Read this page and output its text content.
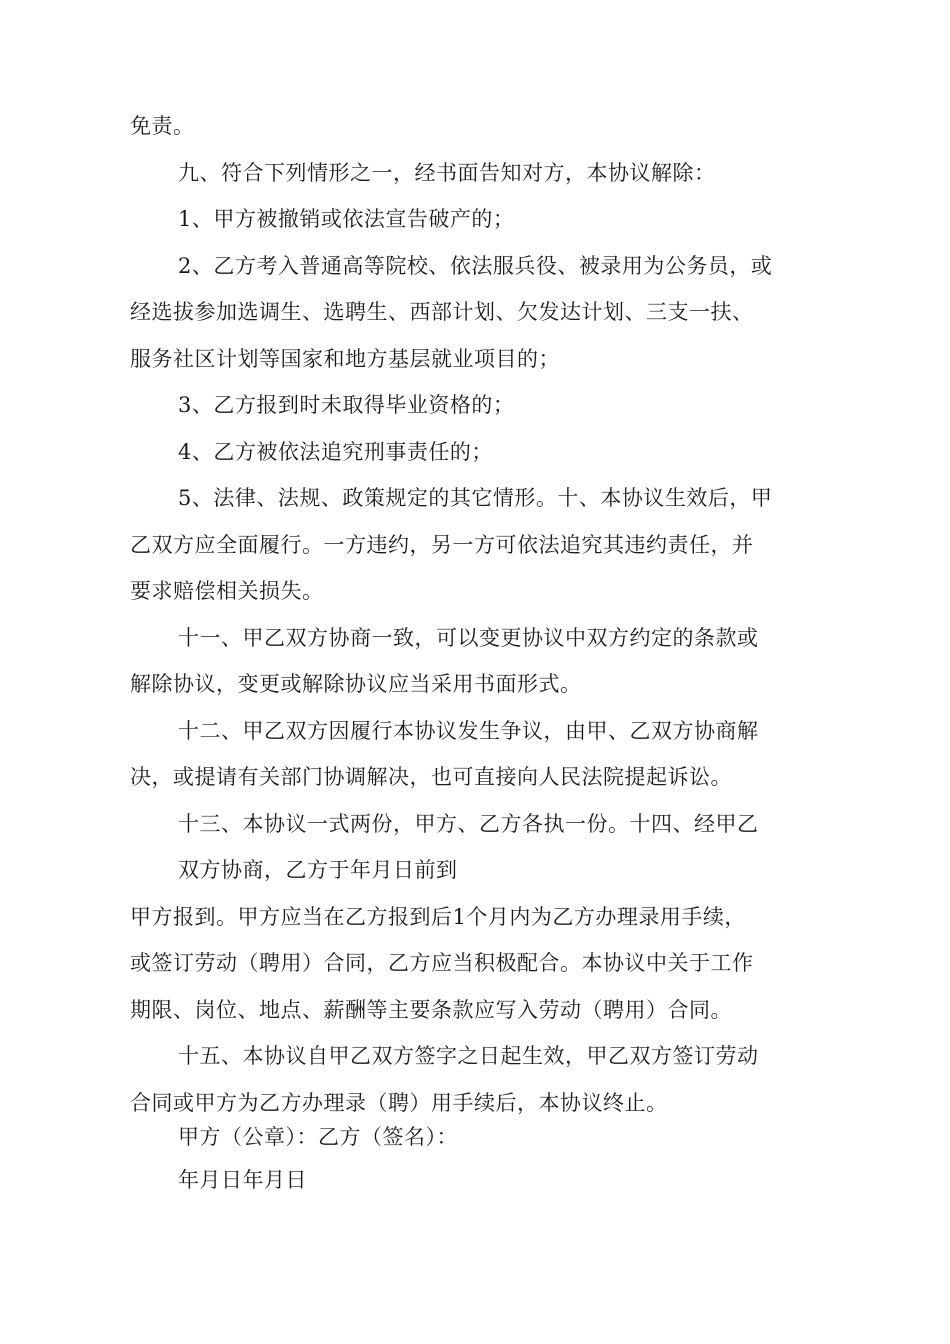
免责。
九、符合下列情形之一，经书面告知对方，本协议解除：
1、甲方被撤销或依法宣告破产的；
2、乙方考入普通高等院校、依法服兵役、被录用为公务员，或
经选拔参加选调生、选聘生、西部计划、欠发达计划、三支一扶、
服务社区计划等国家和地方基层就业项目的；
3、乙方报到时未取得毕业资格的；
4、乙方被依法追究刑事责任的；
5、法律、法规、政策规定的其它情形。十、本协议生效后，甲
乙双方应全面履行。一方违约，另一方可依法追究其违约责任，并
要求赔偿相关损失。
十一、甲乙双方协商一致，可以变更协议中双方约定的条款或
解除协议，变更或解除协议应当采用书面形式。
十二、甲乙双方因履行本协议发生争议，由甲、乙双方协商解
决，或提请有关部门协调解决，也可直接向人民法院提起诉讼。
十三、本协议一式两份，甲方、乙方各执一份。十四、经甲乙
双方协商，乙方于年月日前到
甲方报到。甲方应当在乙方报到后1个月内为乙方办理录用手续，
或签订劳动（聘用）合同，乙方应当积极配合。本协议中关于工作
期限、岗位、地点、薪酬等主要条款应写入劳动（聘用）合同。
十五、本协议自甲乙双方签字之日起生效，甲乙双方签订劳动
合同或甲方为乙方办理录（聘）用手续后，本协议终止。
甲方（公章）：乙方（签名）：
年月日年月日
